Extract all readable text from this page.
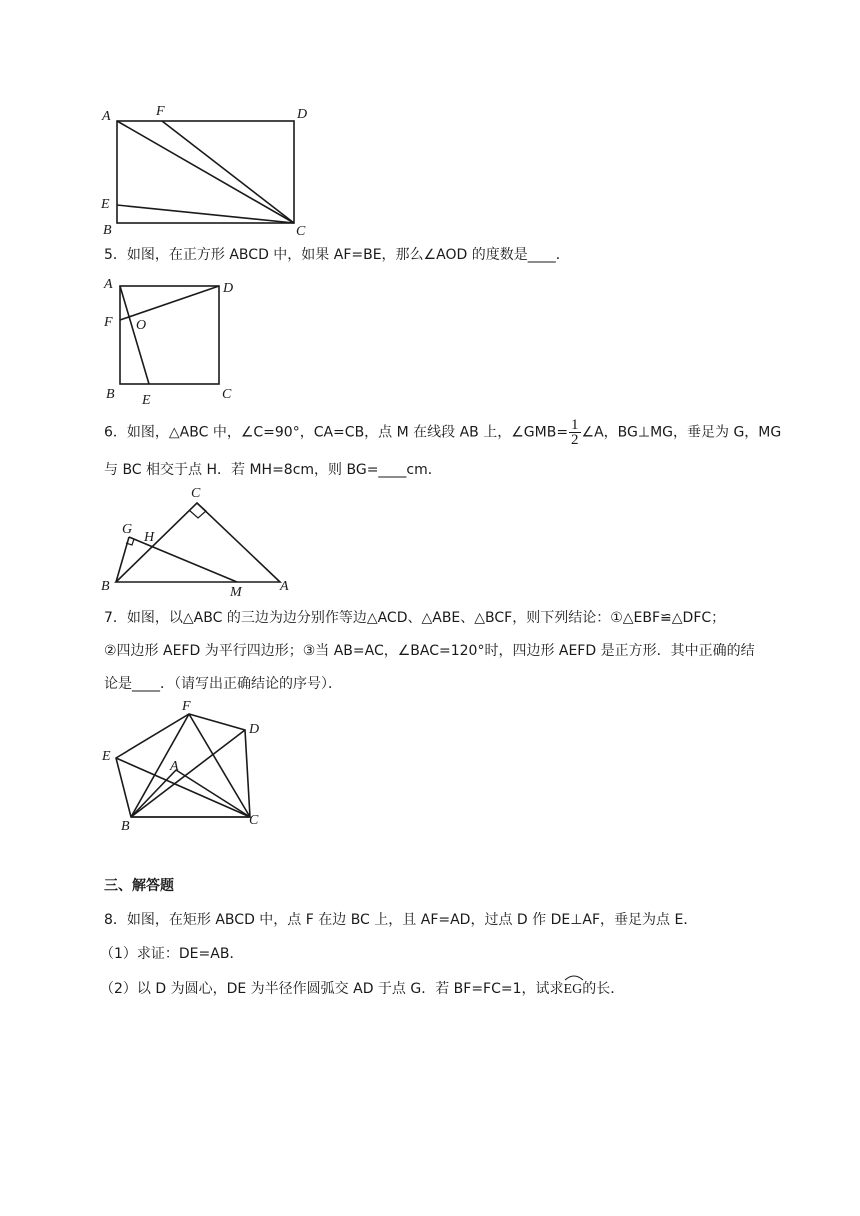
A	F	D
E
B	C
5．如图，在正方形 ABCD 中，如果 AF=BE，那么∠AOD 的度数是____．
A	D
F O
B E	C
6．如图，△ABC 中，∠C=90°，CA=CB，点 M 在线段 AB 上，∠GMB= $\frac{1}{2}$ ∠A，BG⊥MG，垂足为 G，MG
与 BC 相交于点 H．若 MH=8cm，则 BG=____cm．
C
G
H
B	M	A
7．如图，以△ABC 的三边为边分别作等边△ACD、△ABE、△BCF，则下列结论：①△EBF≌△DFC；
②四边形 AEFD 为平行四边形；③当 AB=AC，∠BAC=120°时，四边形 AEFD 是正方形．其中正确的结
论是____．（请写出正确结论的序号）．
F
D
E
A
B	C
三、解答题
8．如图，在矩形 ABCD 中，点 F 在边 BC 上，且 AF=AD，过点 D 作 DE⊥AF，垂足为点 E．
（1）求证：DE=AB．
（2）以 D 为圆心，DE 为半径作圆弧交 AD 于点 G．若 BF=FC=1，试求
EG的长．
